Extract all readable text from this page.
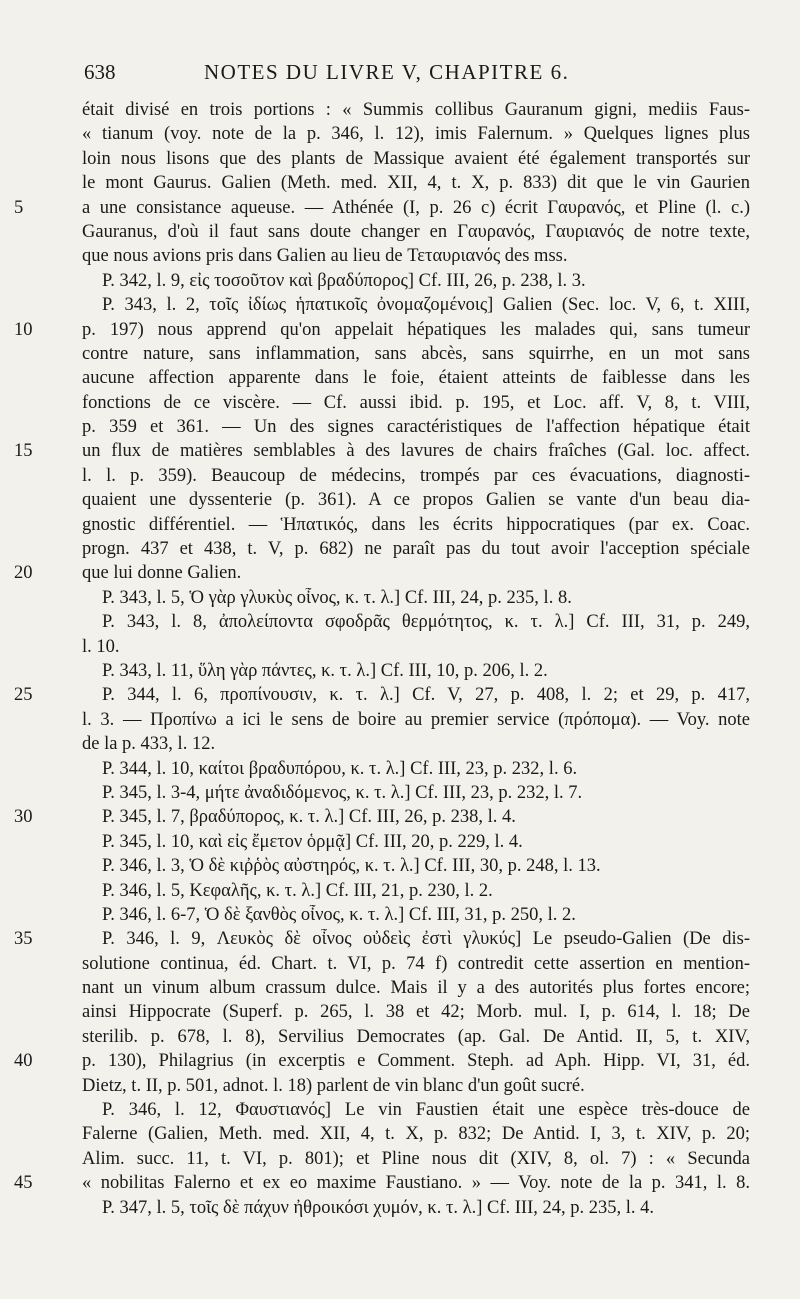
638	NOTES DU LIVRE V, CHAPITRE 6.
était divisé en trois portions : « Summis collibus Gauranum gigni, mediis Faus-
« tianum (voy. note de la p. 346, l. 12), imis Falernum. » Quelques lignes plus
loin nous lisons que des plants de Massique avaient été également transportés sur
le mont Gaurus. Galien (Meth. med. XII, 4, t. X, p. 833) dit que le vin Gaurien
5	a une consistance aqueuse. — Athénée (I, p. 26 c) écrit Γαυρανός, et Pline (l. c.)
Gauranus, d'où il faut sans doute changer en Γαυρανός, Γαυριανός de notre texte,
que nous avions pris dans Galien au lieu de Τεταυριανός des mss.
P. 342, l. 9, εἰς τοσοῦτον καὶ βραδύπορος] Cf. III, 26, p. 238, l. 3.
P. 343, l. 2, τοῖς ἰδίως ἡπατικοῖς ὀνομαζομένοις] Galien (Sec. loc. V, 6, t. XIII,
10	p. 197) nous apprend qu'on appelait hépatiques les malades qui, sans tumeur
contre nature, sans inflammation, sans abcès, sans squirrhe, en un mot sans
aucune affection apparente dans le foie, étaient atteints de faiblesse dans les
fonctions de ce viscère. — Cf. aussi ibid. p. 195, et Loc. aff. V, 8, t. VIII,
p. 359 et 361. — Un des signes caractéristiques de l'affection hépatique était
15	un flux de matières semblables à des lavures de chairs fraîches (Gal. loc. affect.
l. l. p. 359). Beaucoup de médecins, trompés par ces évacuations, diagnosti-
quaient une dyssenterie (p. 361). A ce propos Galien se vante d'un beau dia-
gnostic différentiel. — Ἡπατικός, dans les écrits hippocratiques (par ex. Coac.
progn. 437 et 438, t. V, p. 682) ne paraît pas du tout avoir l'acception spéciale
20	que lui donne Galien.
P. 343, l. 5, Ὁ γὰρ γλυκὺς οἶνος, κ. τ. λ.] Cf. III, 24, p. 235, l. 8.
P. 343, l. 8, ἀπολείποντα σφοδρᾶς θερμότητος, κ. τ. λ.] Cf. III, 31, p. 249,
l. 10.
P. 343, l. 11, ὕλη γὰρ πάντες, κ. τ. λ.] Cf. III, 10, p. 206, l. 2.
25	P. 344, l. 6, προπίνουσιν, κ. τ. λ.] Cf. V, 27, p. 408, l. 2; et 29, p. 417,
l. 3. — Προπίνω a ici le sens de boire au premier service (πρόπομα). — Voy. note
de la p. 433, l. 12.
P. 344, l. 10, καίτοι βραδυπόρου, κ. τ. λ.] Cf. III, 23, p. 232, l. 6.
P. 345, l. 3-4, μήτε ἀναδιδόμενος, κ. τ. λ.] Cf. III, 23, p. 232, l. 7.
30	P. 345, l. 7, βραδύπορος, κ. τ. λ.] Cf. III, 26, p. 238, l. 4.
P. 345, l. 10, καὶ εἰς ἔμετον ὁρμᾷ] Cf. III, 20, p. 229, l. 4.
P. 346, l. 3, Ὁ δὲ κιῤῥὸς αὐστηρός, κ. τ. λ.] Cf. III, 30, p. 248, l. 13.
P. 346, l. 5, Κεφαλῆς, κ. τ. λ.] Cf. III, 21, p. 230, l. 2.
P. 346, l. 6-7, Ὁ δὲ ξανθὸς οἶνος, κ. τ. λ.] Cf. III, 31, p. 250, l. 2.
35	P. 346, l. 9, Λευκὸς δὲ οἶνος οὐδεὶς ἐστὶ γλυκύς] Le pseudo-Galien (De dis-
solutione continua, éd. Chart. t. VI, p. 74 f) contredit cette assertion en mention-
nant un vinum album crassum dulce. Mais il y a des autorités plus fortes encore;
ainsi Hippocrate (Superf. p. 265, l. 38 et 42; Morb. mul. I, p. 614, l. 18; De
sterilib. p. 678, l. 8), Servilius Democrates (ap. Gal. De Antid. II, 5, t. XIV,
40	p. 130), Philagrius (in excerptis e Comment. Steph. ad Aph. Hipp. VI, 31, éd.
Dietz, t. II, p. 501, adnot. l. 18) parlent de vin blanc d'un goût sucré.
P. 346, l. 12, Φαυστιανός] Le vin Faustien était une espèce très-douce de
Falerne (Galien, Meth. med. XII, 4, t. X, p. 832; De Antid. I, 3, t. XIV, p. 20;
Alim. succ. 11, t. VI, p. 801); et Pline nous dit (XIV, 8, ol. 7) : « Secunda
45	« nobilitas Falerno et ex eo maxime Faustiano. » — Voy. note de la p. 341, l. 8.
P. 347, l. 5, τοῖς δὲ πάχυν ἠθροικόσι χυμόν, κ. τ. λ.] Cf. III, 24, p. 235, l. 4.
